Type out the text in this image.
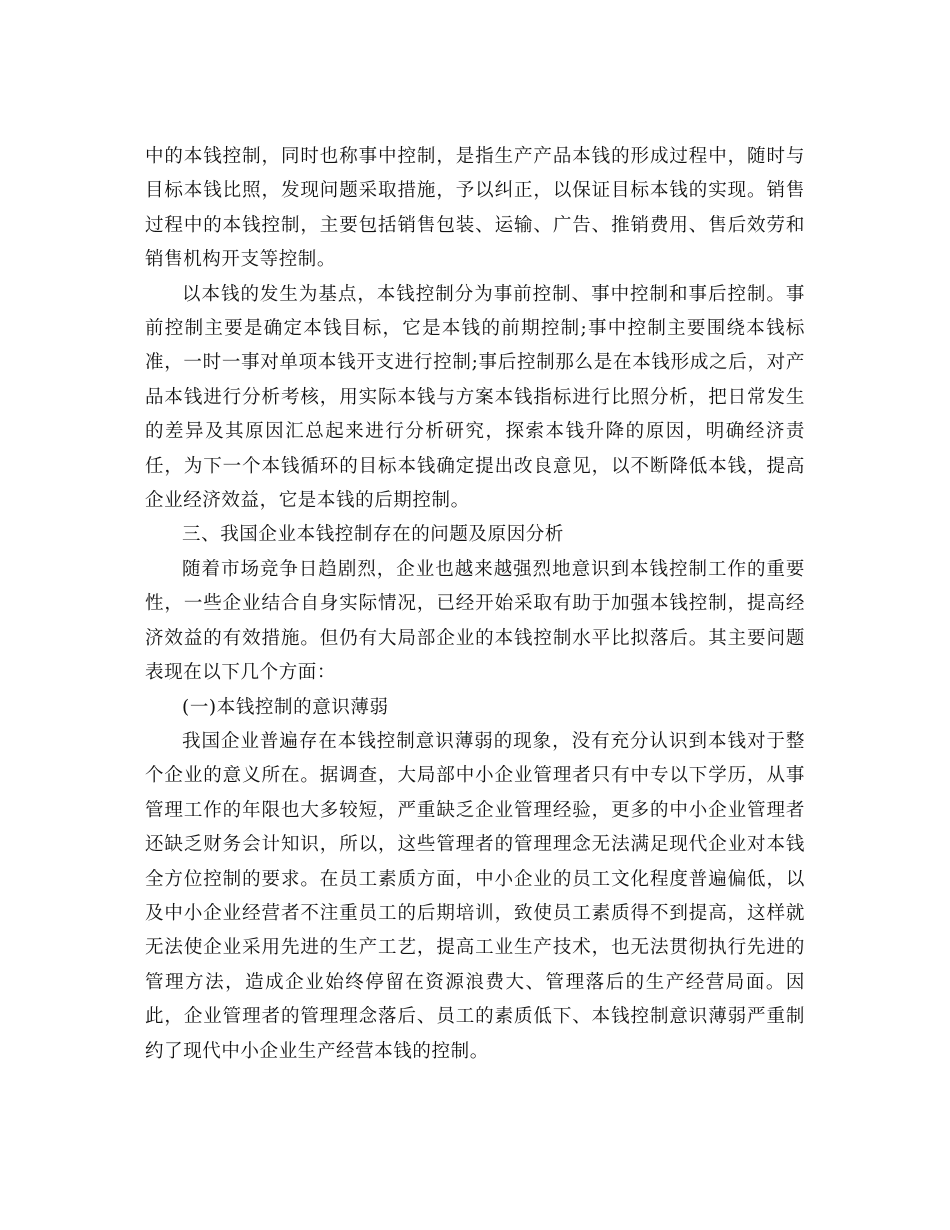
中的本钱控制，同时也称事中控制，是指生产产品本钱的形成过程中，随时与目标本钱比照，发现问题采取措施，予以纠正，以保证目标本钱的实现。销售过程中的本钱控制，主要包括销售包装、运输、广告、推销费用、售后效劳和销售机构开支等控制。

以本钱的发生为基点，本钱控制分为事前控制、事中控制和事后控制。事前控制主要是确定本钱目标，它是本钱的前期控制;事中控制主要围绕本钱标准，一时一事对单项本钱开支进行控制;事后控制那么是在本钱形成之后，对产品本钱进行分析考核，用实际本钱与方案本钱指标进行比照分析，把日常发生的差异及其原因汇总起来进行分析研究，探索本钱升降的原因，明确经济责任，为下一个本钱循环的目标本钱确定提出改良意见，以不断降低本钱，提高企业经济效益，它是本钱的后期控制。

三、我国企业本钱控制存在的问题及原因分析

随着市场竞争日趋剧烈，企业也越来越强烈地意识到本钱控制工作的重要性，一些企业结合自身实际情况，已经开始采取有助于加强本钱控制，提高经济效益的有效措施。但仍有大局部企业的本钱控制水平比拟落后。其主要问题表现在以下几个方面：

(一)本钱控制的意识薄弱

我国企业普遍存在本钱控制意识薄弱的现象，没有充分认识到本钱对于整个企业的意义所在。据调查，大局部中小企业管理者只有中专以下学历，从事管理工作的年限也大多较短，严重缺乏企业管理经验，更多的中小企业管理者还缺乏财务会计知识，所以，这些管理者的管理理念无法满足现代企业对本钱全方位控制的要求。在员工素质方面，中小企业的员工文化程度普遍偏低，以及中小企业经营者不注重员工的后期培训，致使员工素质得不到提高，这样就无法使企业采用先进的生产工艺，提高工业生产技术，也无法贯彻执行先进的管理方法，造成企业始终停留在资源浪费大、管理落后的生产经营局面。因此，企业管理者的管理理念落后、员工的素质低下、本钱控制意识薄弱严重制约了现代中小企业生产经营本钱的控制。
